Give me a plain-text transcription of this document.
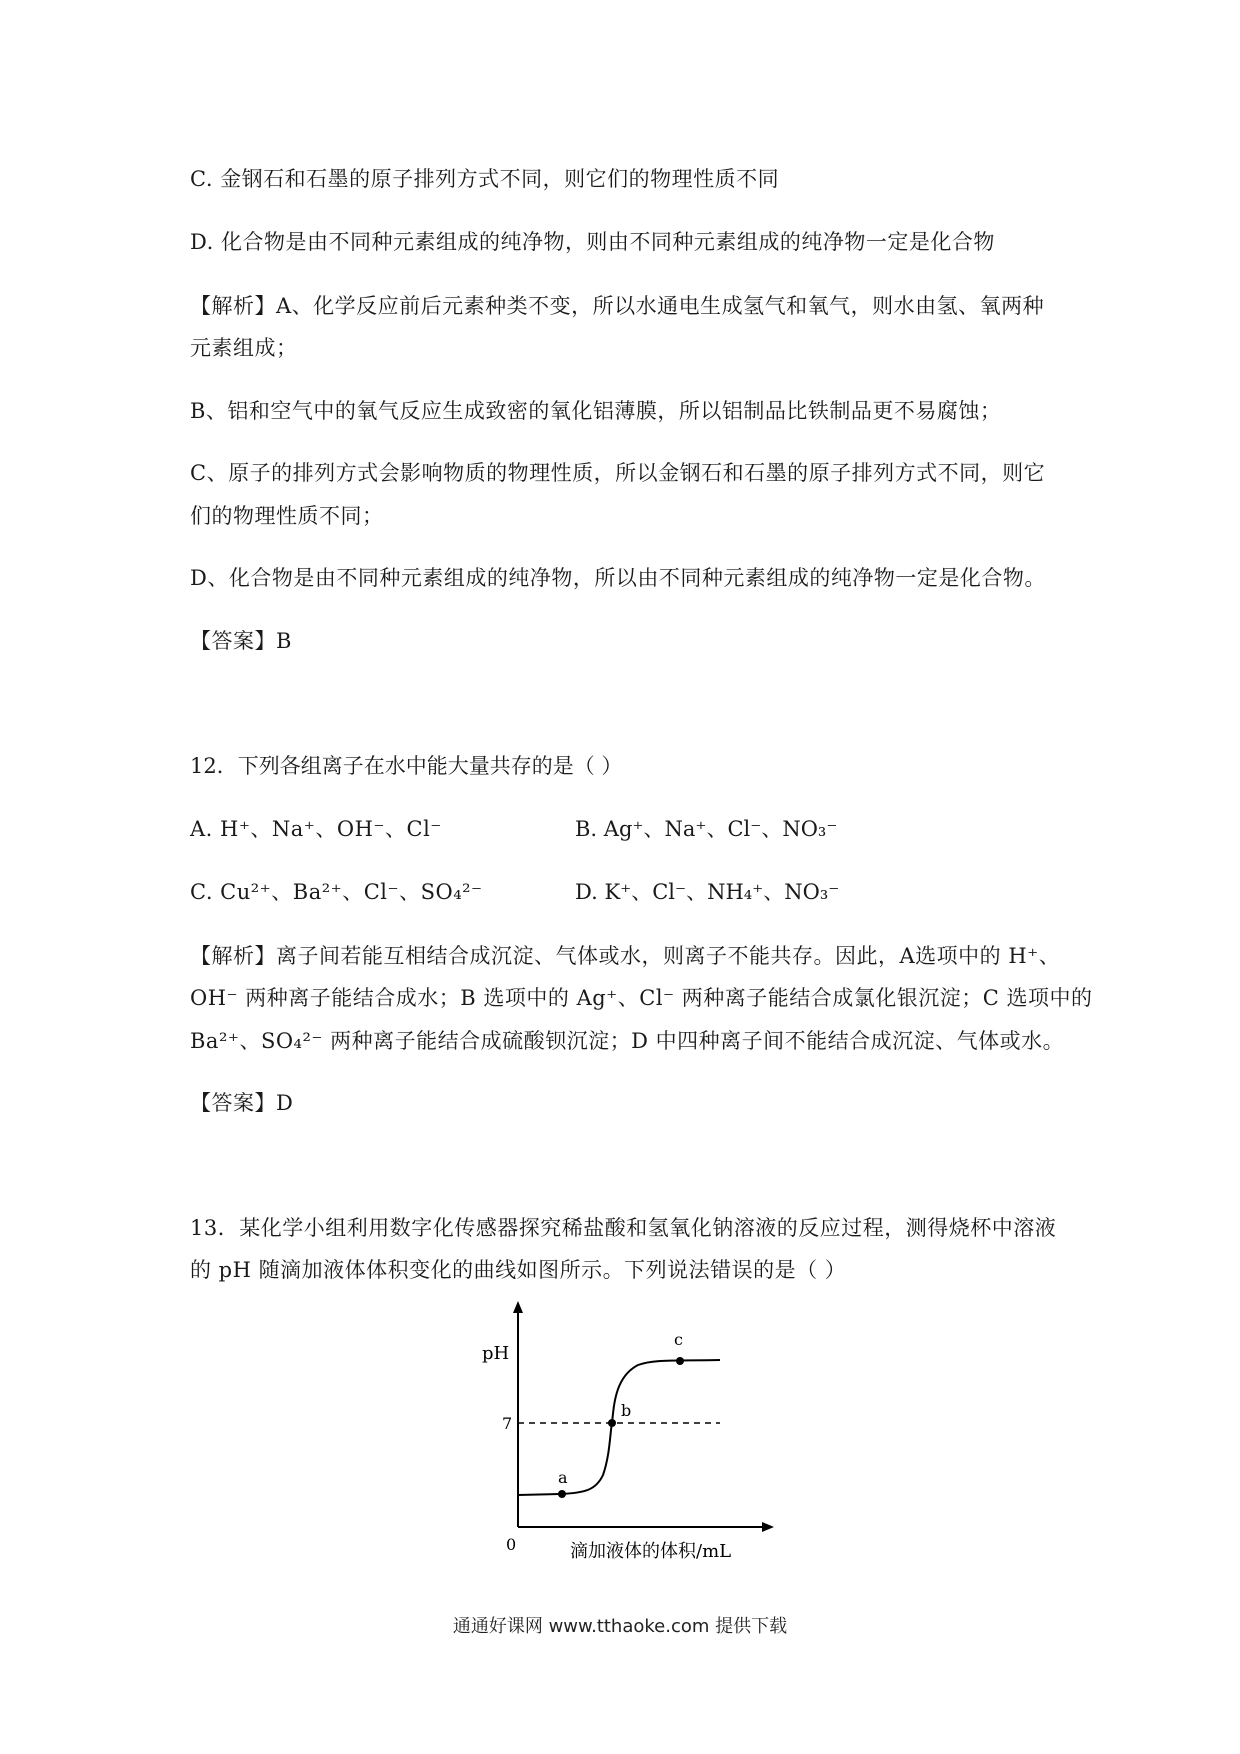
C. 金钢石和石墨的原子排列方式不同，则它们的物理性质不同
D. 化合物是由不同种元素组成的纯净物，则由不同种元素组成的纯净物一定是化合物
【解析】A、化学反应前后元素种类不变，所以水通电生成氢气和氧气，则水由氢、氧两种
元素组成；
B、铝和空气中的氧气反应生成致密的氧化铝薄膜，所以铝制品比铁制品更不易腐蚀；
C、原子的排列方式会影响物质的物理性质，所以金钢石和石墨的原子排列方式不同，则它
们的物理性质不同；
D、化合物是由不同种元素组成的纯净物，所以由不同种元素组成的纯净物一定是化合物。
【答案】B
12．下列各组离子在水中能大量共存的是（ ）
A. H⁺、Na⁺、OH⁻、Cl⁻	B. Ag⁺、Na⁺、Cl⁻、NO₃⁻
C. Cu²⁺、Ba²⁺、Cl⁻、SO₄²⁻	D. K⁺、Cl⁻、NH₄⁺、NO₃⁻
【解析】离子间若能互相结合成沉淀、气体或水，则离子不能共存。因此，A选项中的 H⁺、
OH⁻ 两种离子能结合成水；B 选项中的 Ag⁺、Cl⁻ 两种离子能结合成氯化银沉淀；C 选项中的
Ba²⁺、SO₄²⁻ 两种离子能结合成硫酸钡沉淀；D 中四种离子间不能结合成沉淀、气体或水。
【答案】D
13．某化学小组利用数字化传感器探究稀盐酸和氢氧化钠溶液的反应过程，测得烧杯中溶液
的 pH 随滴加液体体积变化的曲线如图所示。下列说法错误的是（ ）
pH
7
0
a
b
c
滴加液体的体积/mL
通通好课网 www.tthaoke.com 提供下载
